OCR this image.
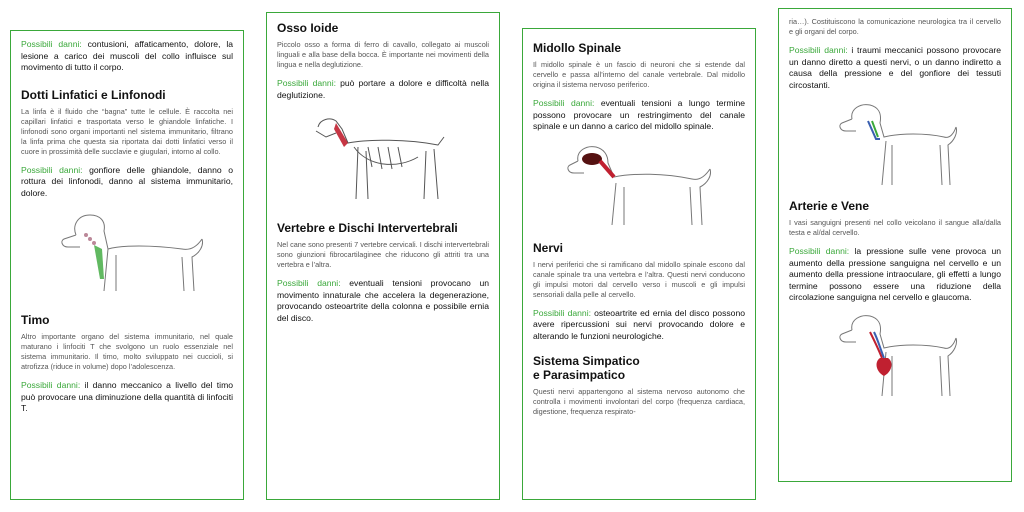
Possibili danni: contusioni, affaticamento, dolore, la lesione a carico dei muscoli del collo influisce sul movimento di tutto il corpo.

Dotti Linfatici e Linfonodi

La linfa è il fluido che “bagna” tutte le cellule. È raccolta nei capillari linfatici e trasportata verso le ghiandole linfatiche. I linfonodi sono organi importanti nel sistema immunitario, filtrano la linfa prima che questa sia riportata dai dotti linfatici verso il cuore in prossimità delle succlavie e giugulari, intorno al collo.

Possibili danni: gonfiore delle ghiandole, danno o rottura dei linfonodi, danno al sistema immunitario, dolore.

Timo

Altro importante organo del sistema immunitario, nel quale maturano i linfociti T che svolgono un ruolo essenziale nel sistema immunitario. Il timo, molto sviluppato nei cuccioli, si atrofizza (riduce in volume) dopo l’adolescenza.

Possibili danni: il danno meccanico a livello del timo può provocare una diminuzione della quantità di linfociti T.

Osso Ioide

Piccolo osso a forma di ferro di cavallo, collegato ai muscoli linguali e alla base della bocca. È importante nei movimenti della lingua e nella deglutizione.

Possibili danni: può portare a dolore e difficoltà nella deglutizione.

Vertebre e Dischi Intervertebrali

Nel cane sono presenti 7 vertebre cervicali. I dischi intervertebrali sono giunzioni fibrocartilaginee che riducono gli attriti tra una vertebra e l’altra.

Possibili danni: eventuali tensioni provocano un movimento innaturale che accelera la degenerazione, provocando osteoartrite della colonna e possibile ernia del disco.

Midollo Spinale

Il midollo spinale è un fascio di neuroni che si estende dal cervello e passa all’interno del canale vertebrale. Dal midollo origina il sistema nervoso periferico.

Possibili danni: eventuali tensioni a lungo termine possono provocare un restringimento del canale spinale e un danno a carico del midollo spinale.

Nervi

I nervi periferici che si ramificano dal midollo spinale escono dal canale spinale tra una vertebra e l’altra. Questi nervi conducono gli impulsi motori dal cervello verso i muscoli e gli impulsi sensoriali dalla pelle al cervello.

Possibili danni: osteoartrite ed ernia del disco possono avere ripercussioni sui nervi provocando dolore e alterando le funzioni neurologiche.

Sistema Simpatico
e Parasimpatico

Questi nervi appartengono al sistema nervoso autonomo che controlla i movimenti involontari del corpo (frequenza cardiaca, digestione, frequenza respirato-

ria…). Costituiscono la comunicazione neurologica tra il cervello e gli organi del corpo.

Possibili danni: i traumi meccanici possono provocare un danno diretto a questi nervi, o un danno indiretto a causa della pressione e del gonfiore dei tessuti circostanti.

Arterie e Vene

I vasi sanguigni presenti nel collo veicolano il sangue alla/dalla testa e al/dal cervello.

Possibili danni: la pressione sulle vene provoca un aumento della pressione sanguigna nel cervello e un aumento della pressione intraoculare, gli effetti a lungo termine possono essere una riduzione della circolazione sanguigna nel cervello e glaucoma.
